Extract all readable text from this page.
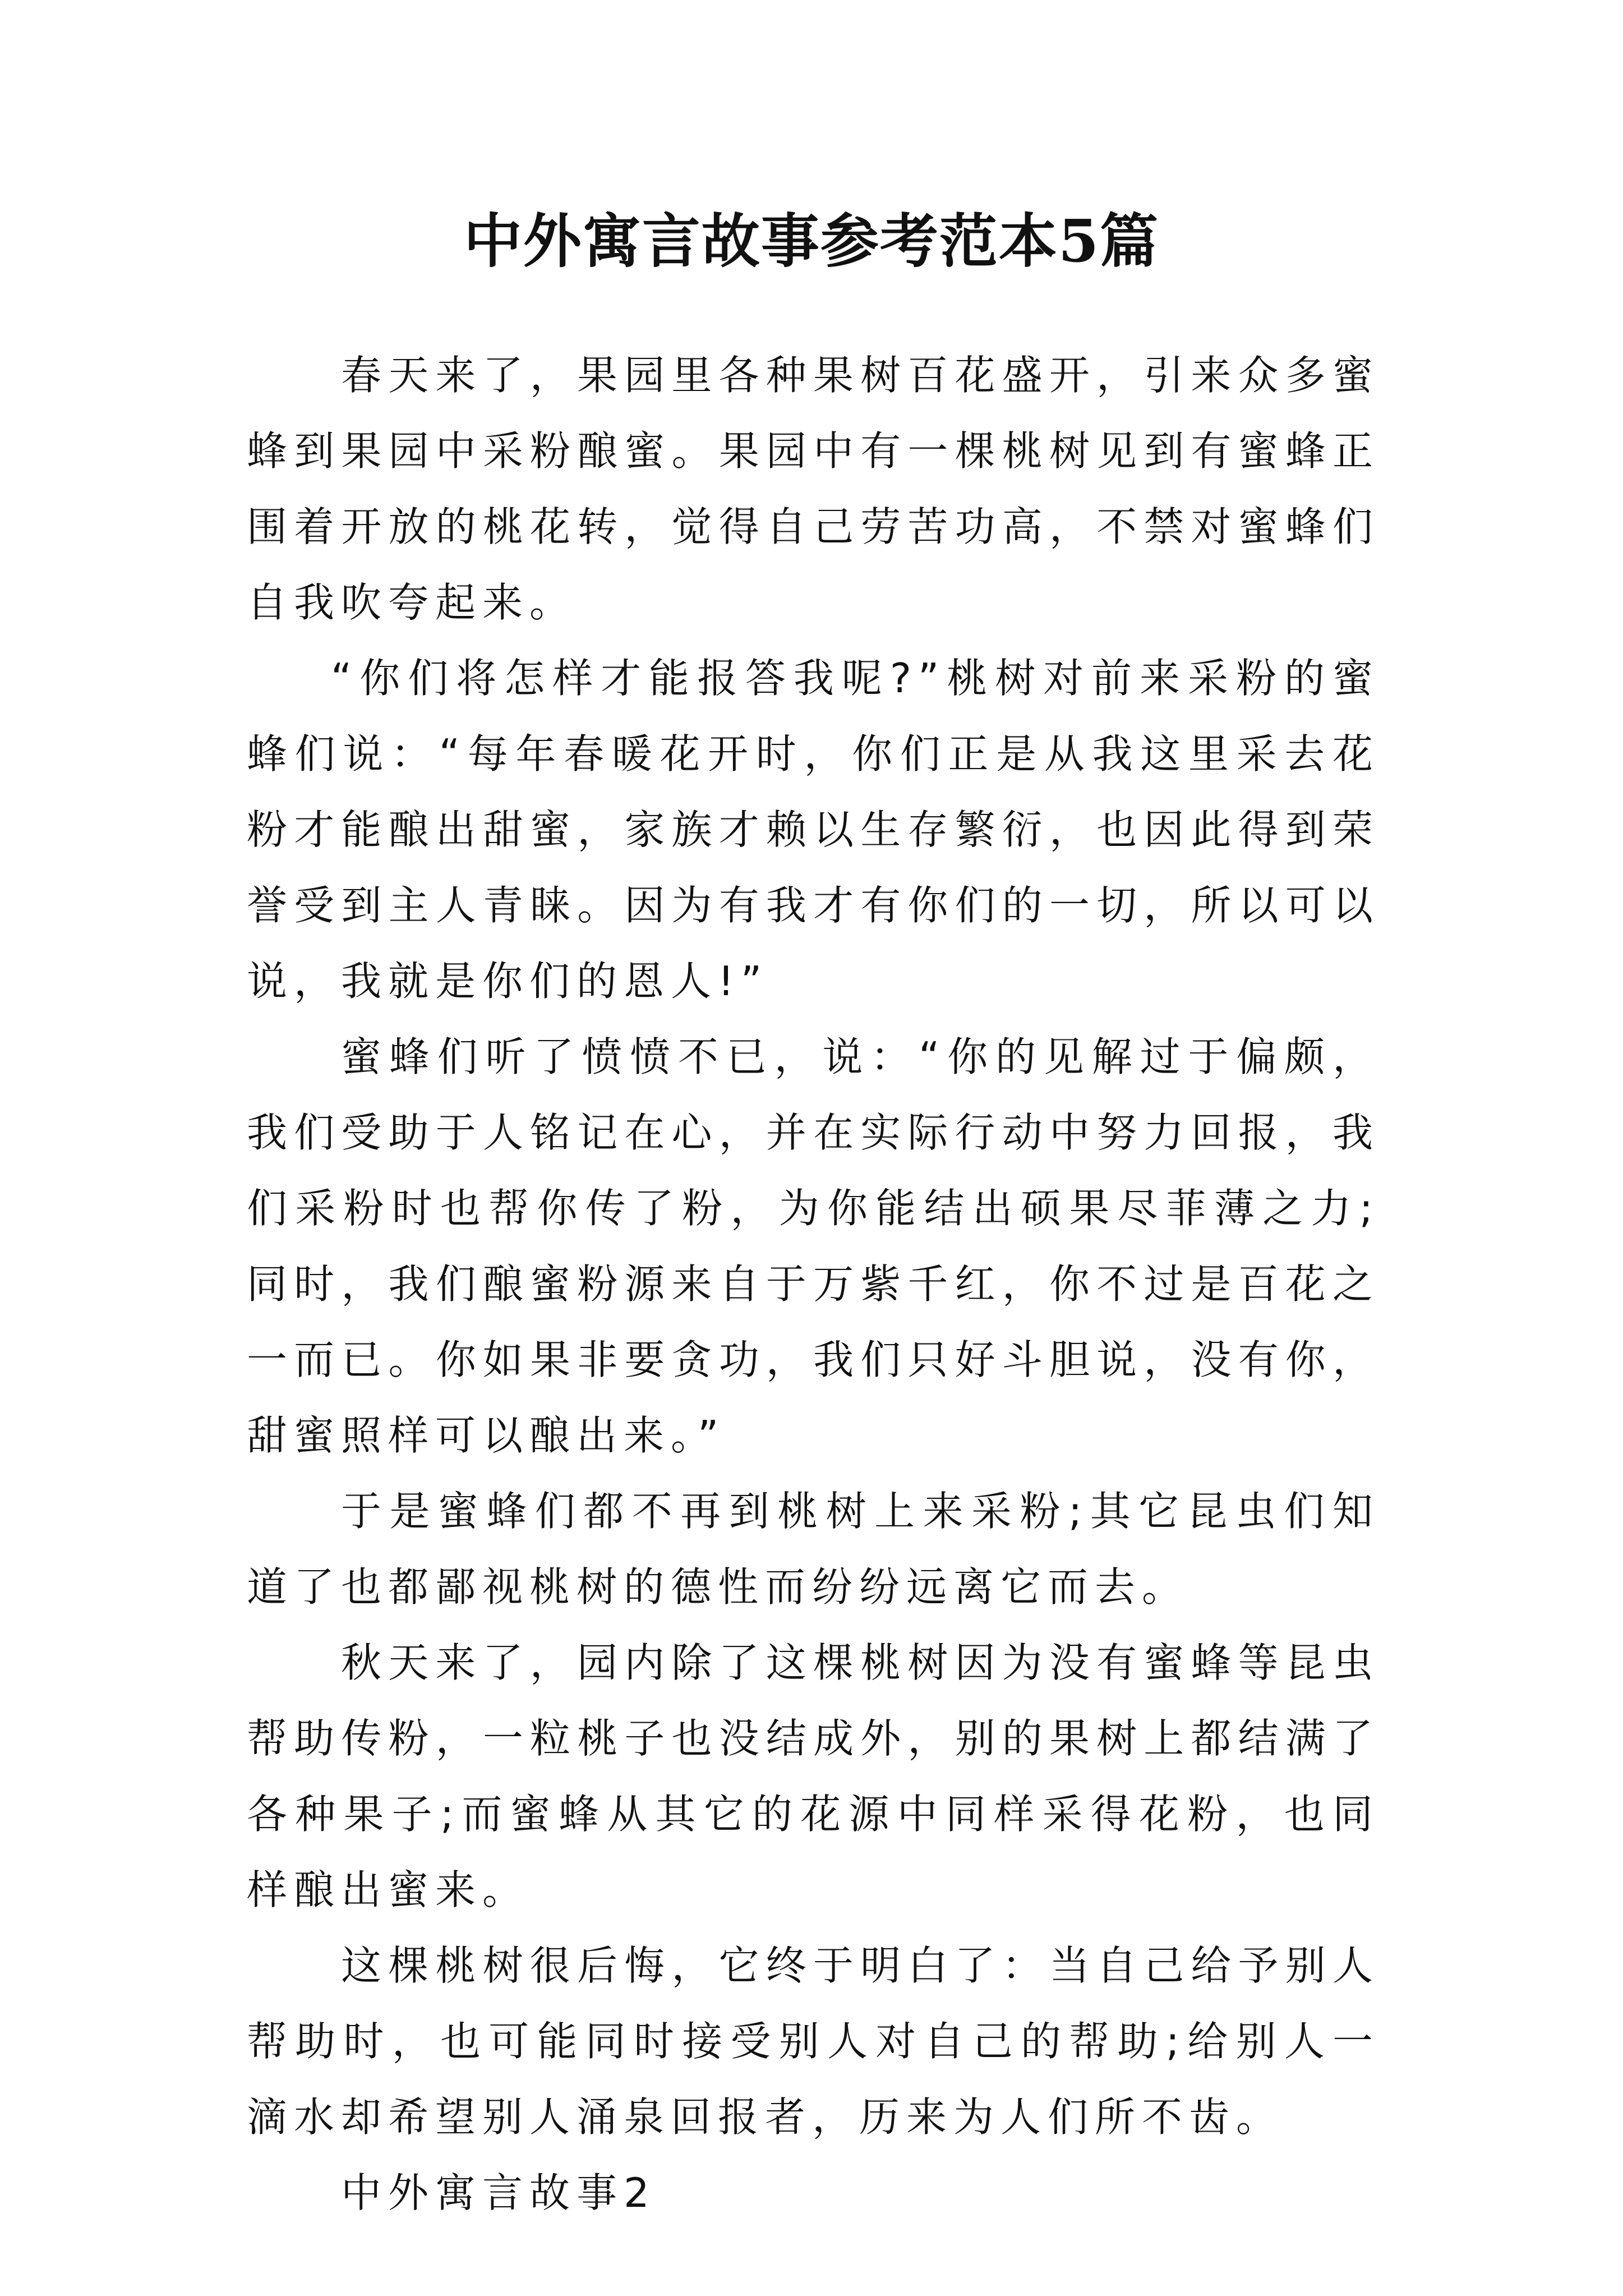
中外寓言故事参考范本5篇

春天来了，果园里各种果树百花盛开，引来众多蜜蜂到果园中采粉酿蜜。果园中有一棵桃树见到有蜜蜂正围着开放的桃花转，觉得自己劳苦功高，不禁对蜜蜂们自我吹夸起来。

“你们将怎样才能报答我呢?”桃树对前来采粉的蜜蜂们说：“每年春暖花开时，你们正是从我这里采去花粉才能酿出甜蜜，家族才赖以生存繁衍，也因此得到荣誉受到主人青睐。因为有我才有你们的一切，所以可以说，我就是你们的恩人!”

蜜蜂们听了愤愤不已，说：“你的见解过于偏颇，我们受助于人铭记在心，并在实际行动中努力回报，我们采粉时也帮你传了粉，为你能结出硕果尽菲薄之力;同时，我们酿蜜粉源来自于万紫千红，你不过是百花之一而已。你如果非要贪功，我们只好斗胆说，没有你，甜蜜照样可以酿出来。”

于是蜜蜂们都不再到桃树上来采粉;其它昆虫们知道了也都鄙视桃树的德性而纷纷远离它而去。

秋天来了，园内除了这棵桃树因为没有蜜蜂等昆虫帮助传粉，一粒桃子也没结成外，别的果树上都结满了各种果子;而蜜蜂从其它的花源中同样采得花粉，也同样酿出蜜来。

这棵桃树很后悔，它终于明白了：当自己给予别人帮助时，也可能同时接受别人对自己的帮助;给别人一滴水却希望别人涌泉回报者，历来为人们所不齿。

中外寓言故事2
